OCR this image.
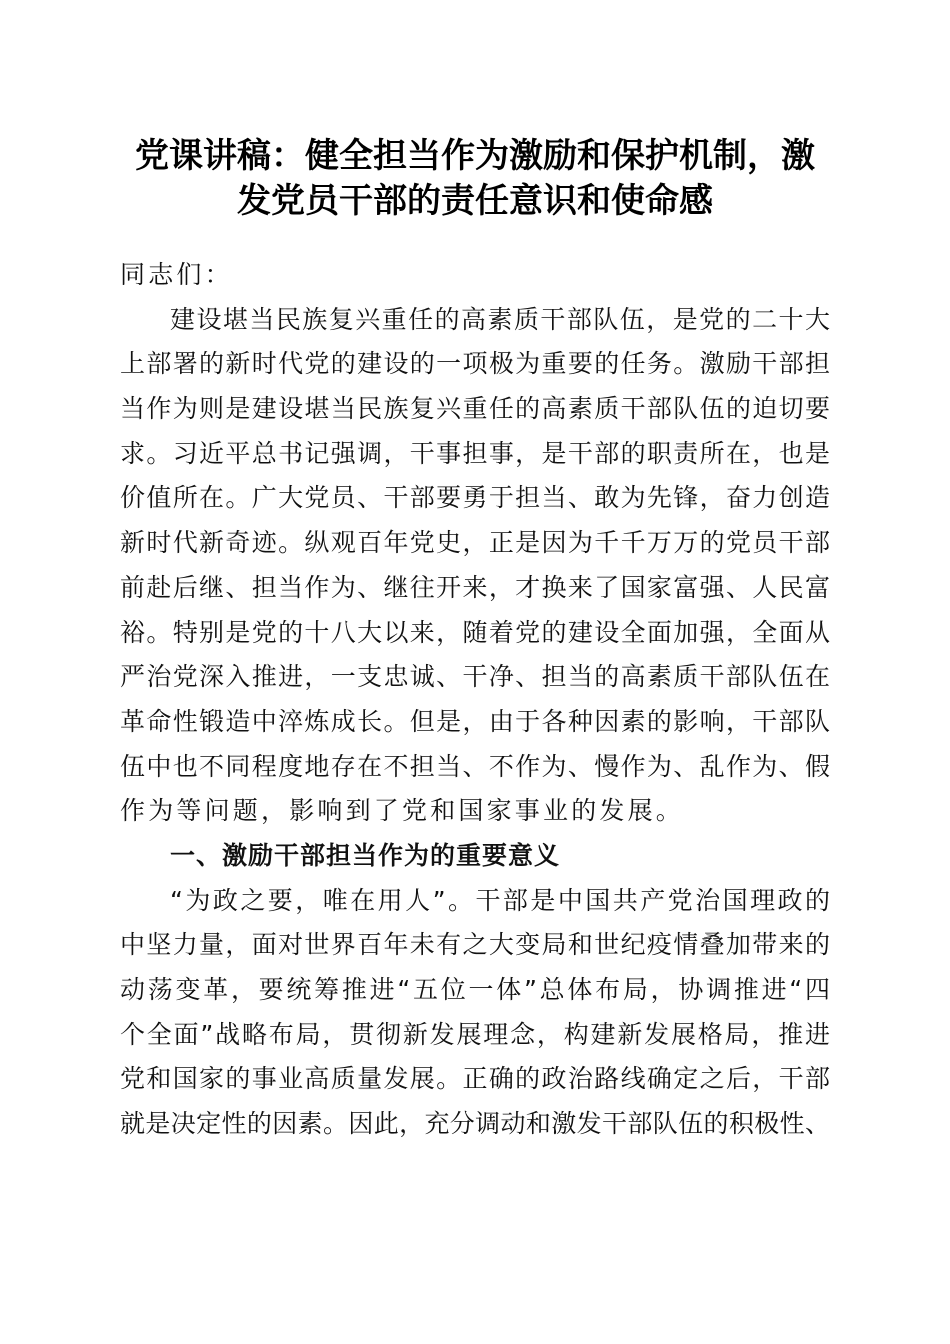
党课讲稿：健全担当作为激励和保护机制，激
发党员干部的责任意识和使命感
同志们：
建设堪当民族复兴重任的高素质干部队伍，是党的二十大
上部署的新时代党的建设的一项极为重要的任务。激励干部担
当作为则是建设堪当民族复兴重任的高素质干部队伍的迫切要
求。习近平总书记强调，干事担事，是干部的职责所在，也是
价值所在。广大党员、干部要勇于担当、敢为先锋，奋力创造
新时代新奇迹。纵观百年党史，正是因为千千万万的党员干部
前赴后继、担当作为、继往开来，才换来了国家富强、人民富
裕。特别是党的十八大以来，随着党的建设全面加强，全面从
严治党深入推进，一支忠诚、干净、担当的高素质干部队伍在
革命性锻造中淬炼成长。但是，由于各种因素的影响，干部队
伍中也不同程度地存在不担当、不作为、慢作为、乱作为、假
作为等问题，影响到了党和国家事业的发展。
一、激励干部担当作为的重要意义
“为政之要，唯在用人”。干部是中国共产党治国理政的
中坚力量，面对世界百年未有之大变局和世纪疫情叠加带来的
动荡变革，要统筹推进“五位一体”总体布局，协调推进“四
个全面”战略布局，贯彻新发展理念，构建新发展格局，推进
党和国家的事业高质量发展。正确的政治路线确定之后，干部
就是决定性的因素。因此，充分调动和激发干部队伍的积极性、
